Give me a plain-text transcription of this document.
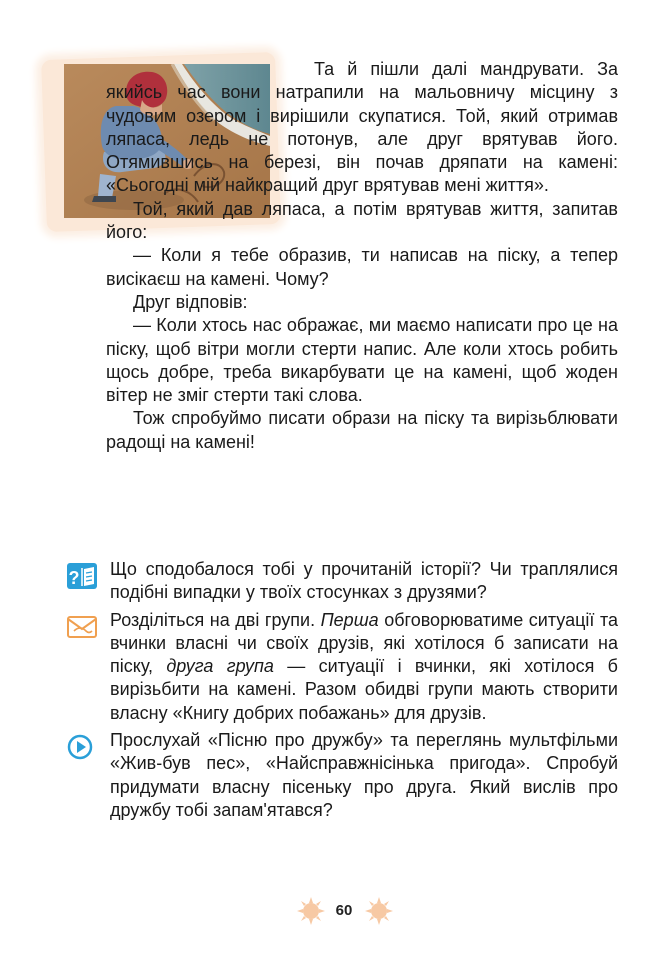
Та й пішли далі мандрувати. За якийсь час вони натрапили на мальовничу місцину з чудовим озером і вирішили скупатися. Той, який отримав ляпаса, ледь не потонув, але друг врятував його. Отямившись на березі, він почав дряпати на камені: «Сьогодні мій найкращий друг врятував мені життя».

Той, який дав ляпаса, а потім врятував життя, запитав його:

— Коли я тебе образив, ти написав на піску, а тепер висікаєш на камені. Чому?

Друг відповів:

— Коли хтось нас ображає, ми маємо написати про це на піску, щоб вітри могли стерти напис. Але коли хтось робить щось добре, треба викарбувати це на камені, щоб жоден вітер не зміг стерти такі слова.

Тож спробуймо писати образи на піску та вирізьблювати радощі на камені!

? Що сподобалося тобі у прочитаній історії? Чи траплялися подібні випадки у твоїх стосунках з друзями?
Розділіться на дві групи. Перша обговорюватиме ситуації та вчинки власні чи своїх друзів, які хотілося б записати на піску, друга група — ситуації і вчинки, які хотілося б вирізьбити на камені. Разом обидві групи мають створити власну «Книгу добрих побажань» для друзів.
Прослухай «Пісню про дружбу» та переглянь мультфільми «Жив-був пес», «Найсправжнісінька пригода». Спробуй придумати власну пісеньку про друга. Який вислів про дружбу тобі запам'ятався?
60
